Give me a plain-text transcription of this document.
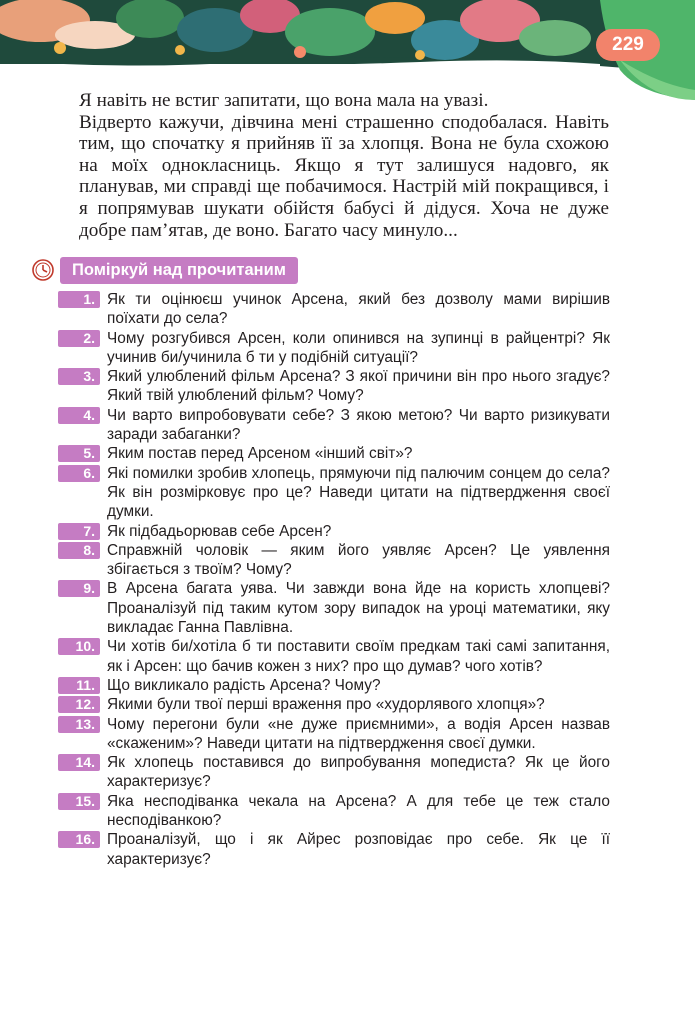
229

Я навіть не встиг запитати, що вона мала на увазі.

Відверто кажучи, дівчина мені страшенно сподобалася. Навіть тим, що спочатку я прийняв її за хлопця. Вона не була схожою на моїх однокласниць. Якщо я тут залишуся надовго, як планував, ми справді ще побачимося. Настрій мій покращився, і я попрямував шукати обійстя бабусі й дідуся. Хоча не дуже добре пам’ятав, де воно. Багато часу минуло...

Поміркуй над прочитаним
1. Як ти оцінюєш учинок Арсена, який без дозволу мами вирішив поїхати до села?
2. Чому розгубився Арсен, коли опинився на зупинці в райцентрі? Як учинив би/учинила б ти у подібній ситуації?
3. Який улюблений фільм Арсена? З якої причини він про нього згадує? Який твій улюблений фільм? Чому?
4. Чи варто випробовувати себе? З якою метою? Чи варто ризикувати заради забаганки?
5. Яким постав перед Арсеном «інший світ»?
6. Які помилки зробив хлопець, прямуючи під палючим сонцем до села? Як він розмірковує про це? Наведи цитати на підтвердження своєї думки.
7. Як підбадьорював себе Арсен?
8. Справжній чоловік — яким його уявляє Арсен? Це уявлення збігається з твоїм? Чому?
9. В Арсена багата уява. Чи завжди вона йде на користь хлопцеві? Проаналізуй під таким кутом зору випадок на уроці математики, яку викладає Ганна Павлівна.
10. Чи хотів би/хотіла б ти поставити своїм предкам такі самі запитання, як і Арсен: що бачив кожен з них? про що думав? чого хотів?
11. Що викликало радість Арсена? Чому?
12. Якими були твої перші враження про «худорлявого хлопця»?
13. Чому перегони були «не дуже приємними», а водія Арсен назвав «скаженим»? Наведи цитати на підтвердження своєї думки.
14. Як хлопець поставився до випробування мопедиста? Як це його характеризує?
15. Яка несподіванка чекала на Арсена? А для тебе це теж стало несподіванкою?
16. Проаналізуй, що і як Айрес розповідає про себе. Як це її характеризує?
